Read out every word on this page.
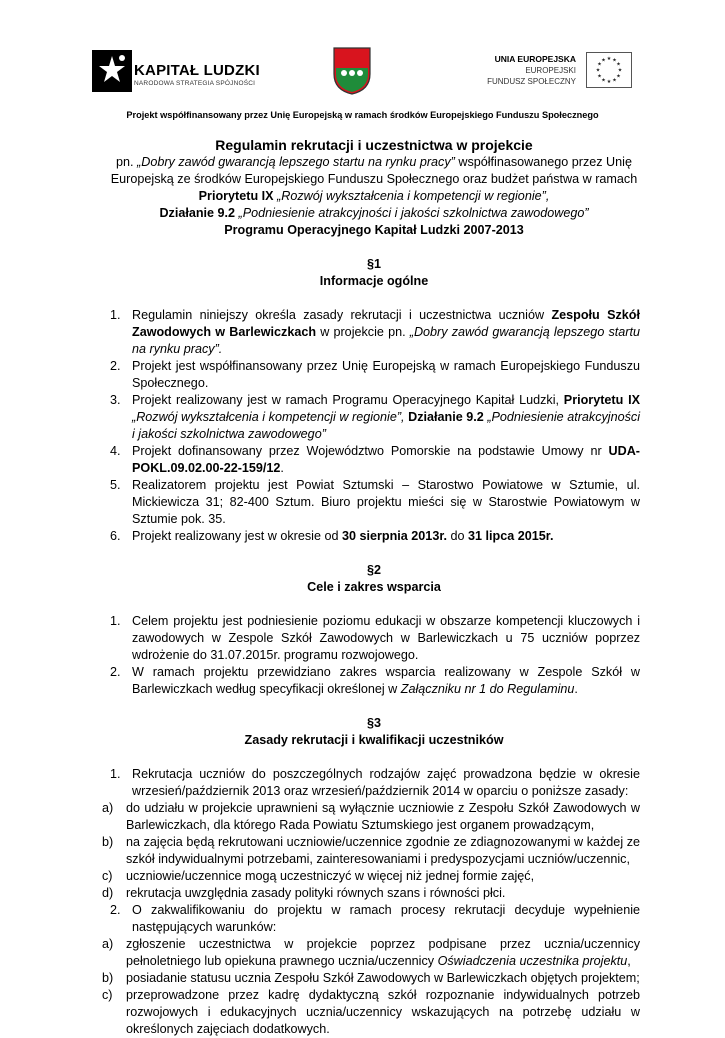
KAPITAŁ LUDZKI
NARODOWA STRATEGIA SPÓJNOŚCI
UNIA EUROPEJSKA
EUROPEJSKI
FUNDUSZ SPOŁECZNY
★ ★
★
★
★
★
★
★
★
★
★
★
Projekt współfinansowany przez Unię Europejską w ramach środków Europejskiego Funduszu Społecznego
Regulamin rekrutacji i uczestnictwa w projekcie

pn. „Dobry zawód gwarancją lepszego startu na rynku pracy” współfinasowanego przez Unię Europejską ze środków Europejskiego Funduszu Społecznego oraz budżet państwa w ramach

Priorytetu IX „Rozwój wykształcenia i kompetencji w regionie”,

Działanie 9.2 „Podniesienie atrakcyjności i jakości szkolnictwa zawodowego”

Programu Operacyjnego Kapitał Ludzki 2007-2013

§1

Informacje ogólne

1. Regulamin niniejszy określa zasady rekrutacji i uczestnictwa uczniów Zespołu Szkół Zawodowych w Barlewiczkach w projekcie pn. „Dobry zawód gwarancją lepszego startu na rynku pracy”.
2. Projekt jest współfinansowany przez Unię Europejską w ramach Europejskiego Funduszu Społecznego.
3. Projekt realizowany jest w ramach Programu Operacyjnego Kapitał Ludzki, Priorytetu IX „Rozwój wykształcenia i kompetencji w regionie”, Działanie 9.2 „Podniesienie atrakcyjności i jakości szkolnictwa zawodowego”
4. Projekt dofinansowany przez Województwo Pomorskie na podstawie Umowy nr UDA-POKL.09.02.00-22-159/12.
5. Realizatorem projektu jest Powiat Sztumski – Starostwo Powiatowe w Sztumie, ul. Mickiewicza 31; 82-400 Sztum. Biuro projektu mieści się w Starostwie Powiatowym w Sztumie pok. 35.
6. Projekt realizowany jest w okresie od 30 sierpnia 2013r. do 31 lipca 2015r.

§2

Cele i zakres wsparcia

1. Celem projektu jest podniesienie poziomu edukacji w obszarze kompetencji kluczowych i zawodowych w Zespole Szkół Zawodowych w Barlewiczkach u 75 uczniów poprzez wdrożenie do 31.07.2015r. programu rozwojowego.
2. W ramach projektu przewidziano zakres wsparcia realizowany w Zespole Szkół w Barlewiczkach według specyfikacji określonej w Załączniku nr 1 do Regulaminu.

§3

Zasady rekrutacji i kwalifikacji uczestników

1. Rekrutacja uczniów do poszczególnych rodzajów zajęć prowadzona będzie w okresie wrzesień/październik 2013 oraz wrzesień/październik 2014 w oparciu o poniższe zasady:
a)	do udziału w projekcie uprawnieni są wyłącznie uczniowie z Zespołu Szkół Zawodowych w Barlewiczkach, dla którego Rada Powiatu Sztumskiego jest organem prowadzącym,
b)	na zajęcia będą rekrutowani uczniowie/uczennice zgodnie ze zdiagnozowanymi w każdej ze szkół indywidualnymi potrzebami, zainteresowaniami i predyspozycjami uczniów/uczennic,
c)	uczniowie/uczennice mogą uczestniczyć w więcej niż jednej formie zajęć,
d)	rekrutacja uwzględnia zasady polityki równych szans i równości płci.
2. O zakwalifikowaniu do projektu w ramach procesy rekrutacji decyduje wypełnienie następujących warunków:
a)	zgłoszenie uczestnictwa w projekcie poprzez podpisane przez ucznia/uczennicy pełnoletniego lub opiekuna prawnego ucznia/uczennicy Oświadczenia uczestnika projektu,
b)	posiadanie statusu ucznia Zespołu Szkół Zawodowych w Barlewiczkach objętych projektem;
c)	przeprowadzone przez kadrę dydaktyczną szkół rozpoznanie indywidualnych potrzeb rozwojowych i edukacyjnych ucznia/uczennicy wskazujących na potrzebę udziału w określonych zajęciach dodatkowych.
